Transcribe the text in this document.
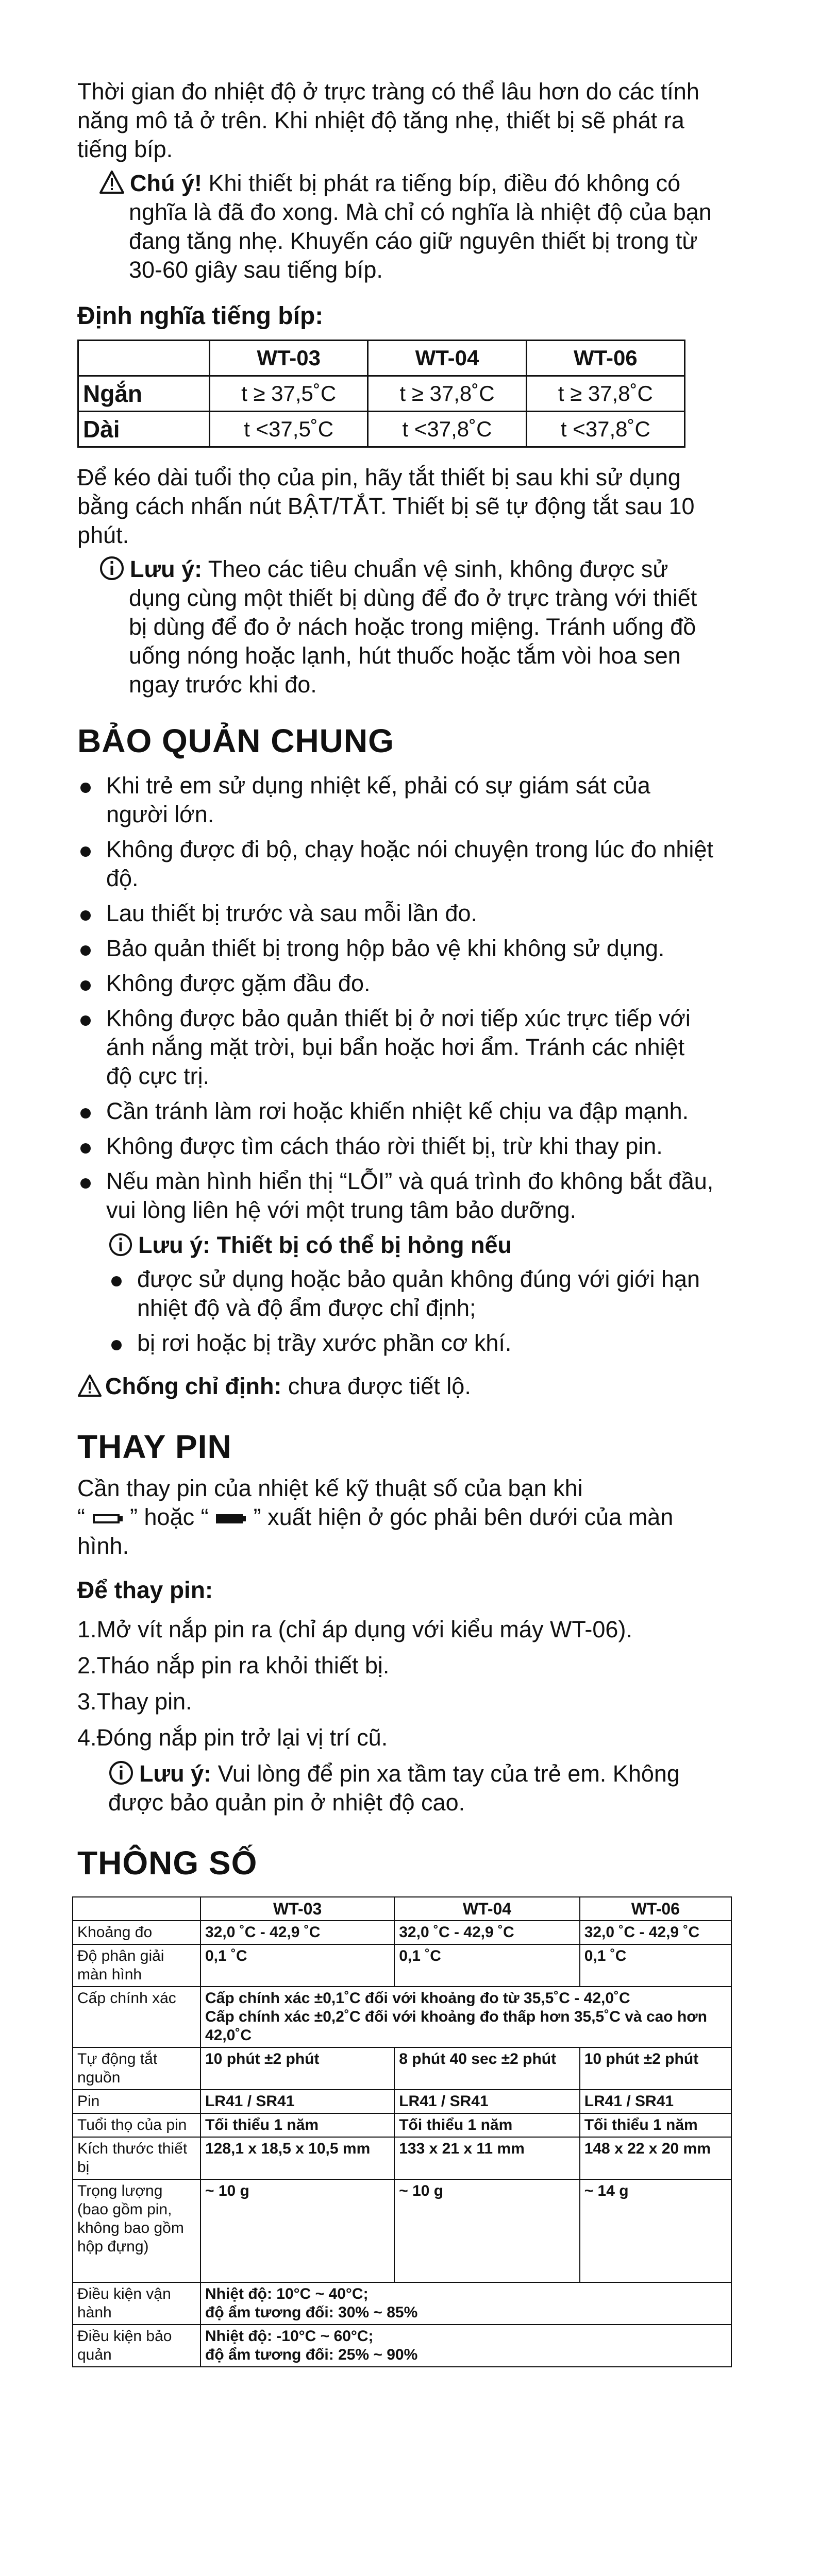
Thời gian đo nhiệt độ ở trực tràng có thể lâu hơn do các tính năng mô tả ở trên. Khi nhiệt độ tăng nhẹ, thiết bị sẽ phát ra tiếng bíp.

Chú ý! Khi thiết bị phát ra tiếng bíp, điều đó không có nghĩa là đã đo xong. Mà chỉ có nghĩa là nhiệt độ của bạn đang tăng nhẹ. Khuyến cáo giữ nguyên thiết bị trong từ 30-60 giây sau tiếng bíp.

Định nghĩa tiếng bíp:

	WT-03	WT-04	WT-06
Ngắn	t ≥ 37,5˚C	t ≥ 37,8˚C	t ≥ 37,8˚C
Dài	t <37,5˚C	t <37,8˚C	t <37,8˚C

Để kéo dài tuổi thọ của pin, hãy tắt thiết bị sau khi sử dụng bằng cách nhấn nút BẬT/TẮT. Thiết bị sẽ tự động tắt sau 10 phút.

Lưu ý: Theo các tiêu chuẩn vệ sinh, không được sử dụng cùng một thiết bị dùng để đo ở trực tràng với thiết bị dùng để đo ở nách hoặc trong miệng. Tránh uống đồ uống nóng hoặc lạnh, hút thuốc hoặc tắm vòi hoa sen ngay trước khi đo.

BẢO QUẢN CHUNG

Khi trẻ em sử dụng nhiệt kế, phải có sự giám sát của người lớn.
Không được đi bộ, chạy hoặc nói chuyện trong lúc đo nhiệt độ.
Lau thiết bị trước và sau mỗi lần đo.
Bảo quản thiết bị trong hộp bảo vệ khi không sử dụng.
Không được gặm đầu đo.
Không được bảo quản thiết bị ở nơi tiếp xúc trực tiếp với ánh nắng mặt trời, bụi bẩn hoặc hơi ẩm. Tránh các nhiệt độ cực trị.
Cần tránh làm rơi hoặc khiến nhiệt kế chịu va đập mạnh.
Không được tìm cách tháo rời thiết bị, trừ khi thay pin.
Nếu màn hình hiển thị “LỖI” và quá trình đo không bắt đầu, vui lòng liên hệ với một trung tâm bảo dưỡng.

Lưu ý: Thiết bị có thể bị hỏng nếu

được sử dụng hoặc bảo quản không đúng với giới hạn nhiệt độ và độ ẩm được chỉ định;
bị rơi hoặc bị trầy xước phần cơ khí.

Chống chỉ định: chưa được tiết lộ.

THAY PIN

Cần thay pin của nhiệt kế kỹ thuật số của bạn khi
“ ” hoặc “ ” xuất hiện ở góc phải bên dưới của màn hình.

Để thay pin:

1.Mở vít nắp pin ra (chỉ áp dụng với kiểu máy WT-06).
2.Tháo nắp pin ra khỏi thiết bị.
3.Thay pin.
4.Đóng nắp pin trở lại vị trí cũ.

Lưu ý: Vui lòng để pin xa tầm tay của trẻ em. Không được bảo quản pin ở nhiệt độ cao.

THÔNG SỐ

	WT-03	WT-04	WT-06
Khoảng đo	32,0 ˚C - 42,9 ˚C	32,0 ˚C - 42,9 ˚C	32,0 ˚C - 42,9 ˚C
Độ phân giải màn hình	0,1 ˚C	0,1 ˚C	0,1 ˚C
Cấp chính xác	Cấp chính xác ±0,1˚C đối với khoảng đo từ 35,5˚C - 42,0˚C
Cấp chính xác ±0,2˚C đối với khoảng đo thấp hơn 35,5˚C và cao hơn 42,0˚C		
Tự động tắt nguồn	10 phút ±2 phút	8 phút 40 sec ±2 phút	10 phút ±2 phút
Pin	LR41 / SR41	LR41 / SR41	LR41 / SR41
Tuổi thọ của pin	Tối thiểu 1 năm	Tối thiểu 1 năm	Tối thiểu 1 năm
Kích thước thiết bị	128,1 x 18,5 x 10,5 mm	133 x 21 x 11 mm	148 x 22 x 20 mm
Trọng lượng (bao gồm pin, không bao gồm hộp đựng)	~ 10 g	~ 10 g	~ 14 g
Điều kiện vận hành	Nhiệt độ: 10°C ~ 40°C;
độ ẩm tương đối: 30% ~ 85%		
Điều kiện bảo quản	Nhiệt độ: -10°C ~ 60°C;
độ ẩm tương đối: 25% ~ 90%		
